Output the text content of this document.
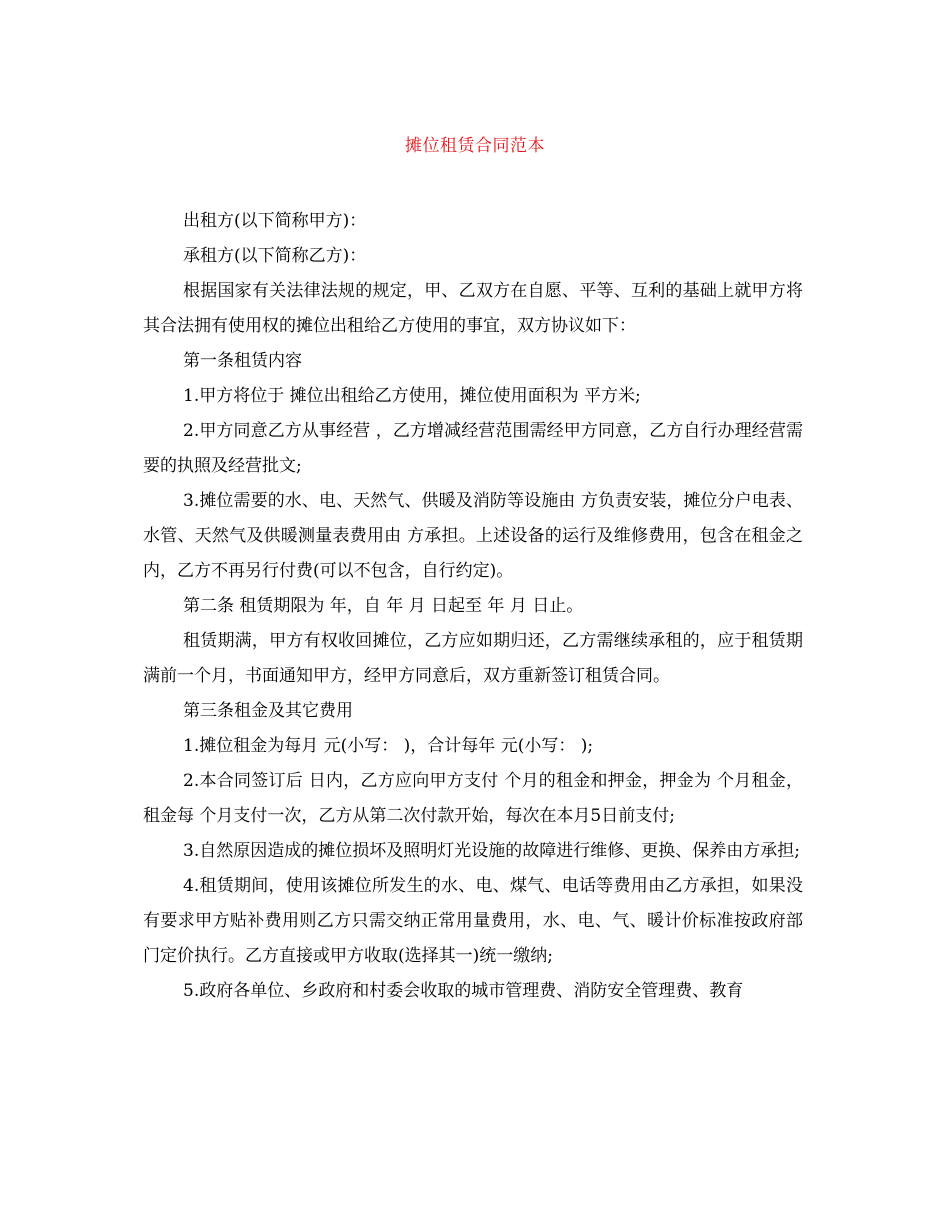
摊位租赁合同范本

出租方(以下简称甲方)：

承租方(以下简称乙方)：

根据国家有关法律法规的规定，甲、乙双方在自愿、平等、互利的基础上就甲方将其合法拥有使用权的摊位出租给乙方使用的事宜，双方协议如下：

第一条租赁内容

1.甲方将位于 摊位出租给乙方使用，摊位使用面积为 平方米;

2.甲方同意乙方从事经营 ，乙方增减经营范围需经甲方同意，乙方自行办理经营需要的执照及经营批文;

3.摊位需要的水、电、天然气、供暖及消防等设施由 方负责安装，摊位分户电表、水管、天然气及供暖测量表费用由 方承担。上述设备的运行及维修费用，包含在租金之内，乙方不再另行付费(可以不包含，自行约定)。

第二条 租赁期限为 年，自 年 月 日起至 年 月 日止。

租赁期满，甲方有权收回摊位，乙方应如期归还，乙方需继续承租的，应于租赁期满前一个月，书面通知甲方，经甲方同意后，双方重新签订租赁合同。

第三条租金及其它费用

1.摊位租金为每月 元(小写： )，合计每年 元(小写： );

2.本合同签订后 日内，乙方应向甲方支付 个月的租金和押金，押金为 个月租金，租金每 个月支付一次，乙方从第二次付款开始，每次在本月5日前支付;

3.自然原因造成的摊位损坏及照明灯光设施的故障进行维修、更换、保养由方承担;

4.租赁期间，使用该摊位所发生的水、电、煤气、电话等费用由乙方承担，如果没有要求甲方贴补费用则乙方只需交纳正常用量费用，水、电、气、暖计价标准按政府部门定价执行。乙方直接或甲方收取(选择其一)统一缴纳;

5.政府各单位、乡政府和村委会收取的城市管理费、消防安全管理费、教育
